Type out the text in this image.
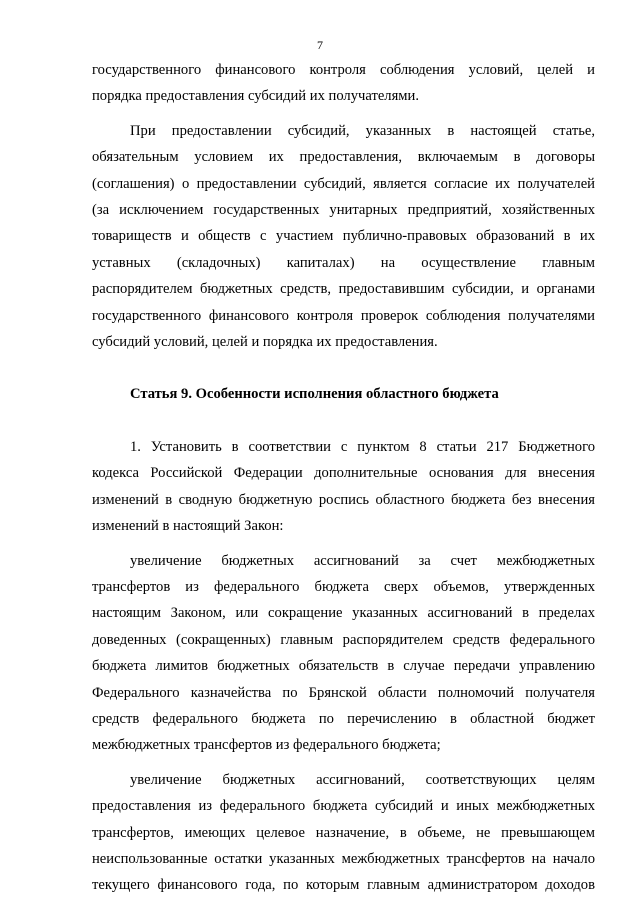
7
государственного финансового контроля соблюдения условий, целей и
порядка предоставления субсидий их получателями.
При предоставлении субсидий, указанных в настоящей статье,
обязательным условием их предоставления, включаемым в договоры
(соглашения) о предоставлении субсидий, является согласие их получателей
(за исключением государственных унитарных предприятий, хозяйственных
товариществ и обществ с участием публично-правовых образований в их
уставных (складочных) капиталах) на осуществление главным
распорядителем бюджетных средств, предоставившим субсидии, и органами
государственного финансового контроля проверок соблюдения получателями
субсидий условий, целей и порядка их предоставления.

Статья 9. Особенности исполнения областного бюджета

1. Установить в соответствии с пунктом 8 статьи 217 Бюджетного
кодекса Российской Федерации дополнительные основания для внесения
изменений в сводную бюджетную роспись областного бюджета без внесения
изменений в настоящий Закон:
увеличение бюджетных ассигнований за счет межбюджетных
трансфертов из федерального бюджета сверх объемов, утвержденных
настоящим Законом, или сокращение указанных ассигнований в пределах
доведенных (сокращенных) главным распорядителем средств федерального
бюджета лимитов бюджетных обязательств в случае передачи управлению
Федерального казначейства по Брянской области полномочий получателя
средств федерального бюджета по перечислению в областной бюджет
межбюджетных трансфертов из федерального бюджета;
увеличение бюджетных ассигнований, соответствующих целям
предоставления из федерального бюджета субсидий и иных межбюджетных
трансфертов, имеющих целевое назначение, в объеме, не превышающем
неиспользованные остатки указанных межбюджетных трансфертов на начало
текущего финансового года, по которым главным администратором доходов
